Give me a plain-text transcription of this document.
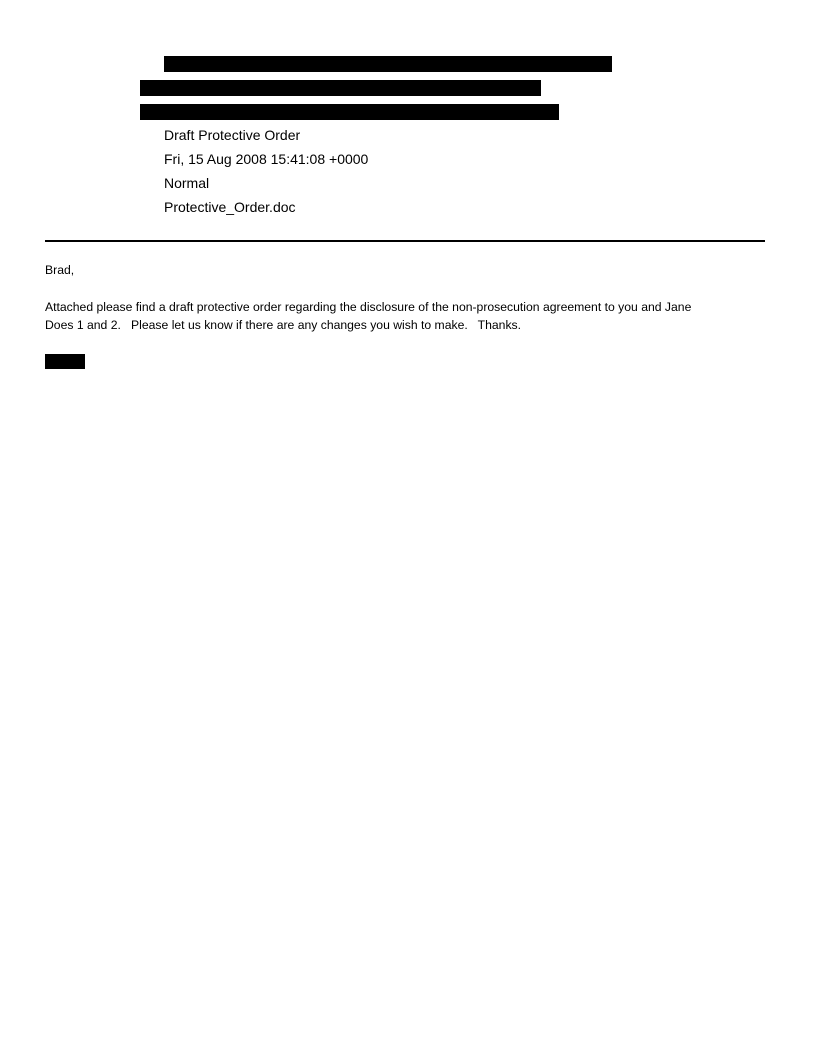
Draft Protective Order
Fri, 15 Aug 2008 15:41:08 +0000
Normal
Protective_Order.doc
Brad,
Attached please find a draft protective order regarding the disclosure of the non-prosecution agreement to you and Jane
Does 1 and 2.   Please let us know if there are any changes you wish to make.   Thanks.
